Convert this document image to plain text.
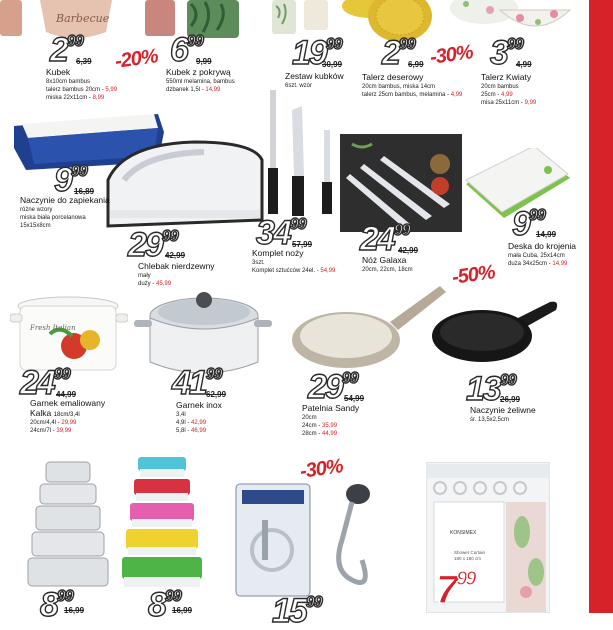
Barbecue
299
6,39 -20%
Kubek
8x10cm bambus
talerz bambus 20cm - 5,99
miska 22x11cm - 8,99
699
9,99
Kubek z pokrywą
550ml melamina, bambus
dzbanek 1,5l - 14,99
1999
30,99
Zestaw kubków
6szt. wzór
299
6,99 -30%
Talerz deserowy
20cm bambus, miska 14cm
talerz 25cm bambus, melamina - 4,99
399
4,99
Talerz Kwiaty
20cm bambus
25cm - 4,99
misa 25x11cm - 9,99
999
16,89
Naczynie do zapiekania
różne wzory
miska biała porcelanowa
15x15x8cm	2999
42,99
Chlebak nierdzewny
mały
duży - 45,99
3499
57,99
Komplet noży
3szt.
Komplet sztućców 24el. - 54,99
2499
42,99
Nóż Galaxa
20cm, 22cm, 18cm
999
14,99
Deska do krojenia
mała Cuba, 25x14cm
duża 34x25cm - 14,99
Fresh Italian
2499
44,99
Garnek emaliowany
Kalka 18cm/3,4l
20cm/4,4l - 29,99
24cm/7l - 39,99
4199
62,99
Garnek inox
3,4l
4,9l - 42,99
5,8l - 46,99
2999
54,99
-50%
Patelnia Sandy
20cm
24cm - 35,99
28cm - 44,99
1399
26,99
Naczynie żeliwne
śr. 13,5x2,5cm
KONSIMEX
Shower Curtain
180 x 180 cm
899
16,99 899
16,99
-30%
1599	$7^{99}$
